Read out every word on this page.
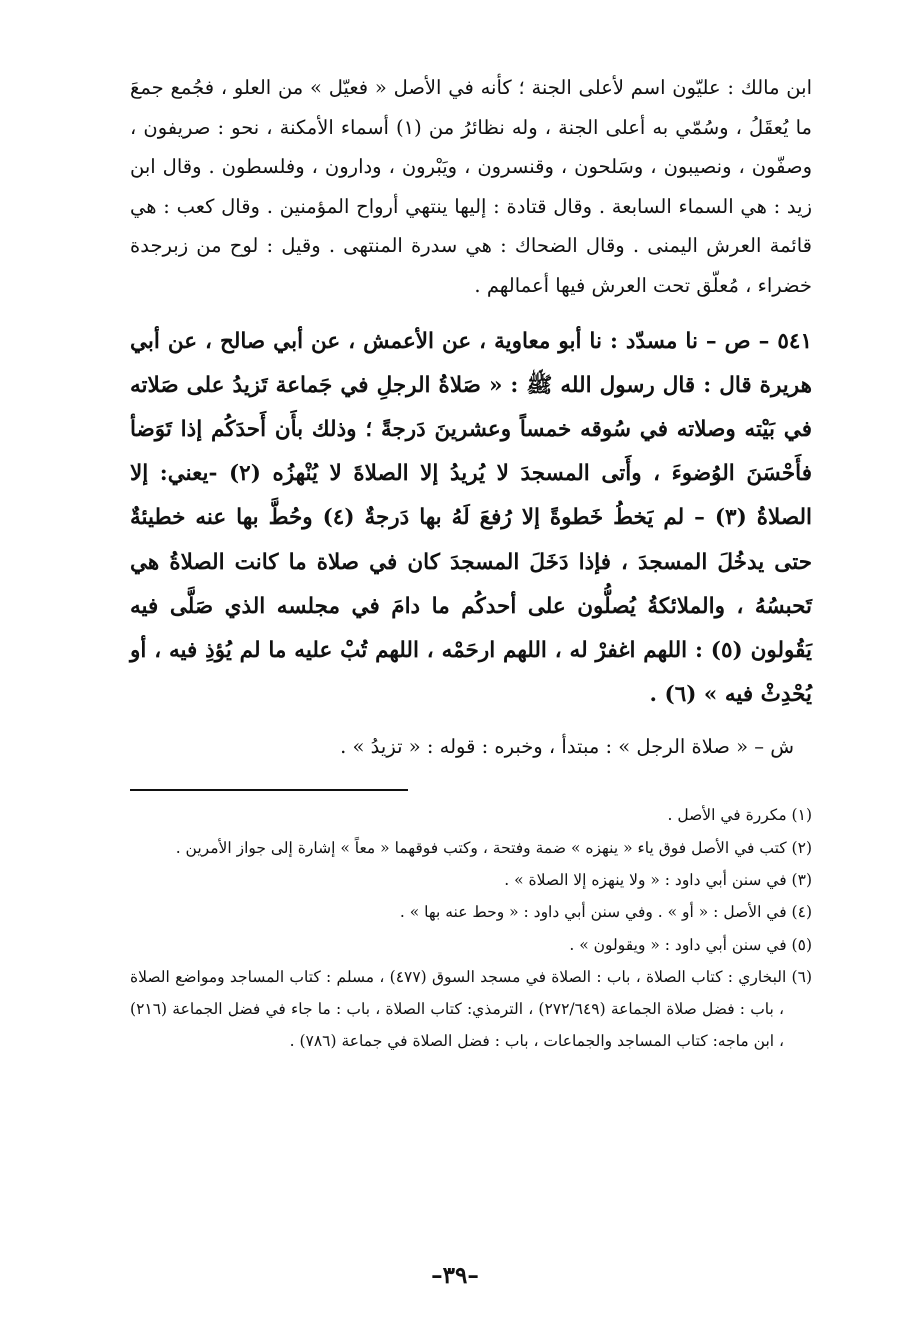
ابن مالك : عليّون اسم لأعلى الجنة ؛ كأنه في الأصل « فعيّل » من العلو ، فجُمع جمعَ ما يُعقَلُ ، وسُمّي به أعلى الجنة ، وله نظائرُ من (١) أسماء الأمكنة ، نحو : صريفون ، وصفّون ، ونصيبون ، وسَلحون ، وقنسرون ، ويَبْرون ، ودارون ، وفلسطون . وقال ابن زيد : هي السماء السابعة . وقال قتادة : إليها ينتهي أرواح المؤمنين . وقال كعب : هي قائمة العرش اليمنى . وقال الضحاك : هي سدرة المنتهى . وقيل : لوح من زبرجدة خضراء ، مُعلّق تحت العرش فيها أعمالهم .

٥٤١ – ص – نا مسدّد : نا أبو معاوية ، عن الأعمش ، عن أبي صالح ، عن أبي هريرة قال : قال رسول الله ﷺ : « صَلاةُ الرجلِ في جَماعة تَزيدُ على صَلاته في بَيْته وصلاته في سُوقه خمساً وعشرينَ دَرجةً ؛ وذلك بأَن أَحدَكُم إذا تَوَضأ فأَحْسَنَ الوُضوءَ ، وأَتى المسجدَ لا يُريدُ إلا الصلاةَ لا يُنْهزُه (٢) -يعني: إلا الصلاةُ (٣) – لم يَخطُ خَطوةً إلا رُفعَ لَهُ بها دَرجةٌ (٤) وحُطَّ بها عنه خطيئةٌ حتى يدخُلَ المسجدَ ، فإذا دَخَلَ المسجدَ كان في صلاة ما كانت الصلاةُ هي تَحبسُهُ ، والملائكةُ يُصلُّون على أحدكُم ما دامَ في مجلسه الذي صَلَّى فيه يَقُولون (٥) : اللهم اغفرْ له ، اللهم ارحَمْه ، اللهم تُبْ عليه ما لم يُؤذِ فيه ، أو يُحْدِثْ فيه » (٦) .

ش – « صلاة الرجل » : مبتدأ ، وخبره : قوله : « تزيدُ » .

(١) مكررة في الأصل .
(٢) كتب في الأصل فوق ياء « ينهزه » ضمة وفتحة ، وكتب فوقهما « معاً » إشارة إلى جواز الأمرين .
(٣) في سنن أبي داود : « ولا ينهزه إلا الصلاة » .
(٤) في الأصل : « أو » . وفي سنن أبي داود : « وحط عنه بها » .
(٥) في سنن أبي داود : « ويقولون » .
(٦) البخاري : كتاب الصلاة ، باب : الصلاة في مسجد السوق (٤٧٧) ، مسلم : كتاب المساجد ومواضع الصلاة ، باب : فضل صلاة الجماعة (٢٧٢/٦٤٩) ، الترمذي: كتاب الصلاة ، باب : ما جاء في فضل الجماعة (٢١٦) ، ابن ماجه: كتاب المساجد والجماعات ، باب : فضل الصلاة في جماعة (٧٨٦) .
–٣٩–
